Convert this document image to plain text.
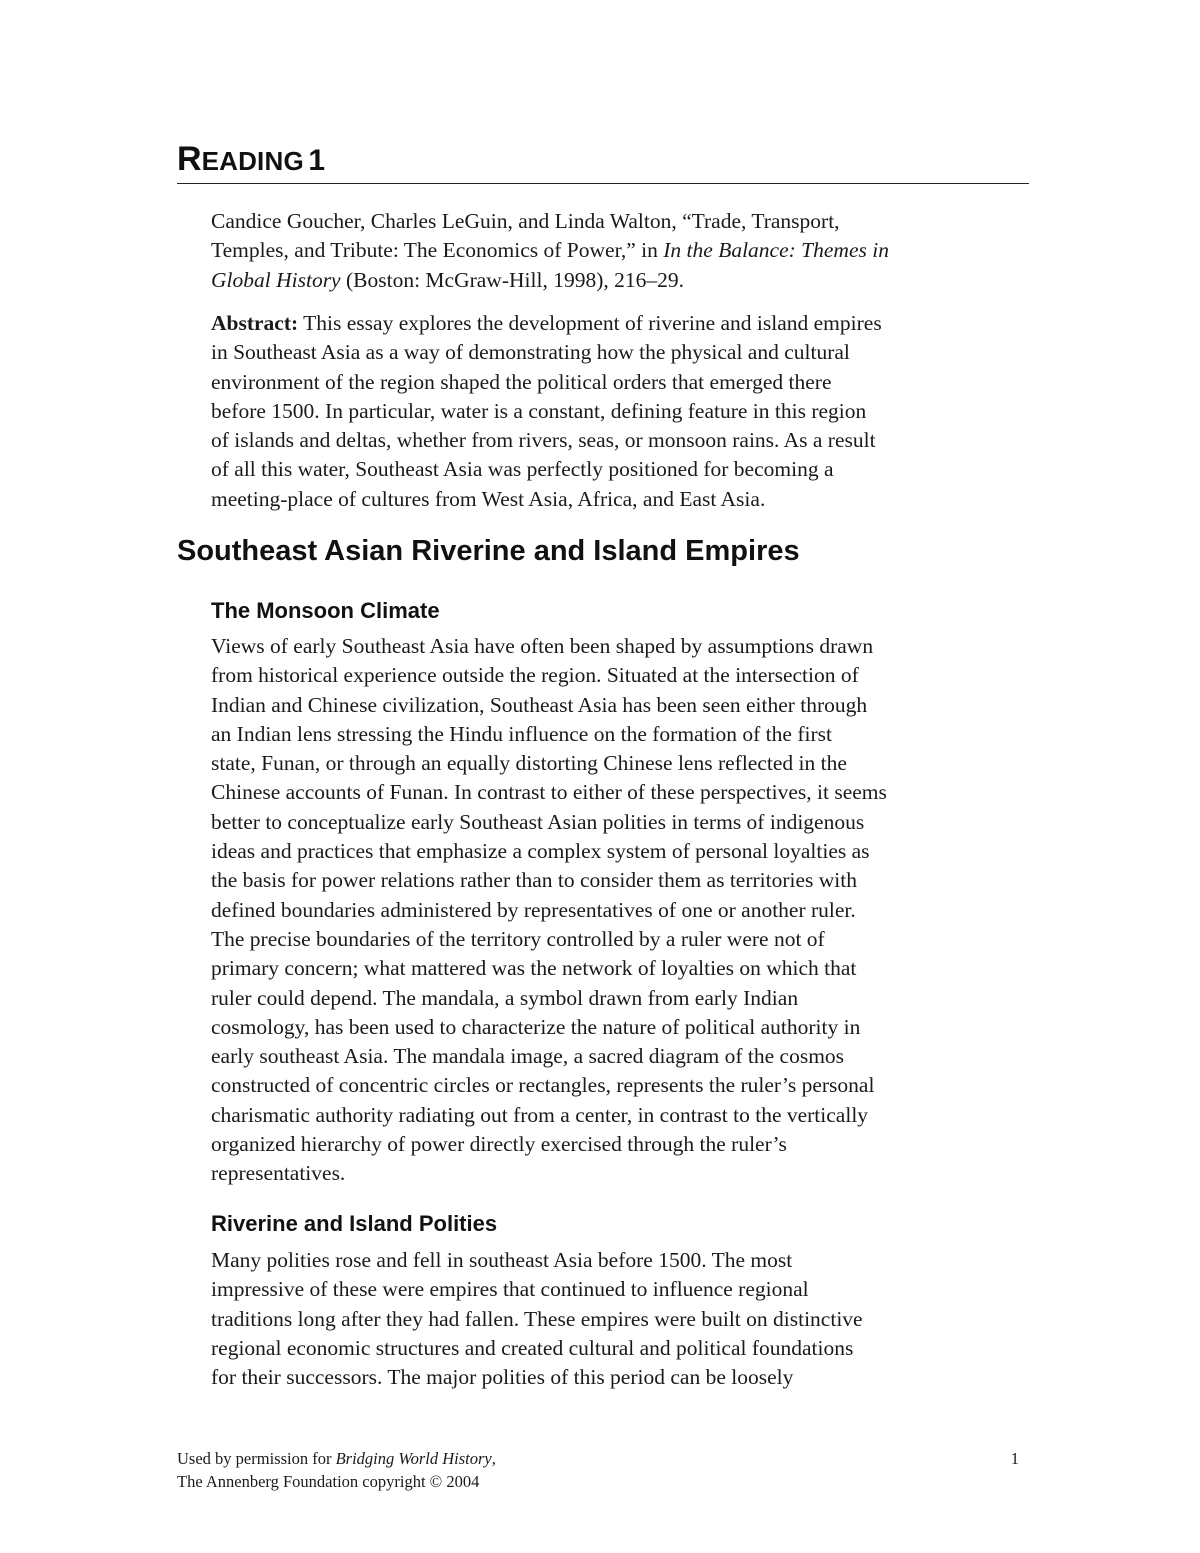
READING 1
Candice Goucher, Charles LeGuin, and Linda Walton, “Trade, Transport,
Temples, and Tribute: The Economics of Power,” in In the Balance: Themes in
Global History (Boston: McGraw-Hill, 1998), 216–29.
Abstract: This essay explores the development of riverine and island empires
in Southeast Asia as a way of demonstrating how the physical and cultural
environment of the region shaped the political orders that emerged there
before 1500. In particular, water is a constant, defining feature in this region
of islands and deltas, whether from rivers, seas, or monsoon rains. As a result
of all this water, Southeast Asia was perfectly positioned for becoming a
meeting-place of cultures from West Asia, Africa, and East Asia.
Southeast Asian Riverine and Island Empires
The Monsoon Climate
Views of early Southeast Asia have often been shaped by assumptions drawn
from historical experience outside the region. Situated at the intersection of
Indian and Chinese civilization, Southeast Asia has been seen either through
an Indian lens stressing the Hindu influence on the formation of the first
state, Funan, or through an equally distorting Chinese lens reflected in the
Chinese accounts of Funan. In contrast to either of these perspectives, it seems
better to conceptualize early Southeast Asian polities in terms of indigenous
ideas and practices that emphasize a complex system of personal loyalties as
the basis for power relations rather than to consider them as territories with
defined boundaries administered by representatives of one or another ruler.
The precise boundaries of the territory controlled by a ruler were not of
primary concern; what mattered was the network of loyalties on which that
ruler could depend. The mandala, a symbol drawn from early Indian
cosmology, has been used to characterize the nature of political authority in
early southeast Asia. The mandala image, a sacred diagram of the cosmos
constructed of concentric circles or rectangles, represents the ruler’s personal
charismatic authority radiating out from a center, in contrast to the vertically
organized hierarchy of power directly exercised through the ruler’s
representatives.
Riverine and Island Polities
Many polities rose and fell in southeast Asia before 1500. The most
impressive of these were empires that continued to influence regional
traditions long after they had fallen. These empires were built on distinctive
regional economic structures and created cultural and political foundations
for their successors. The major polities of this period can be loosely
Used by permission for Bridging World History,
The Annenberg Foundation copyright © 2004
1
